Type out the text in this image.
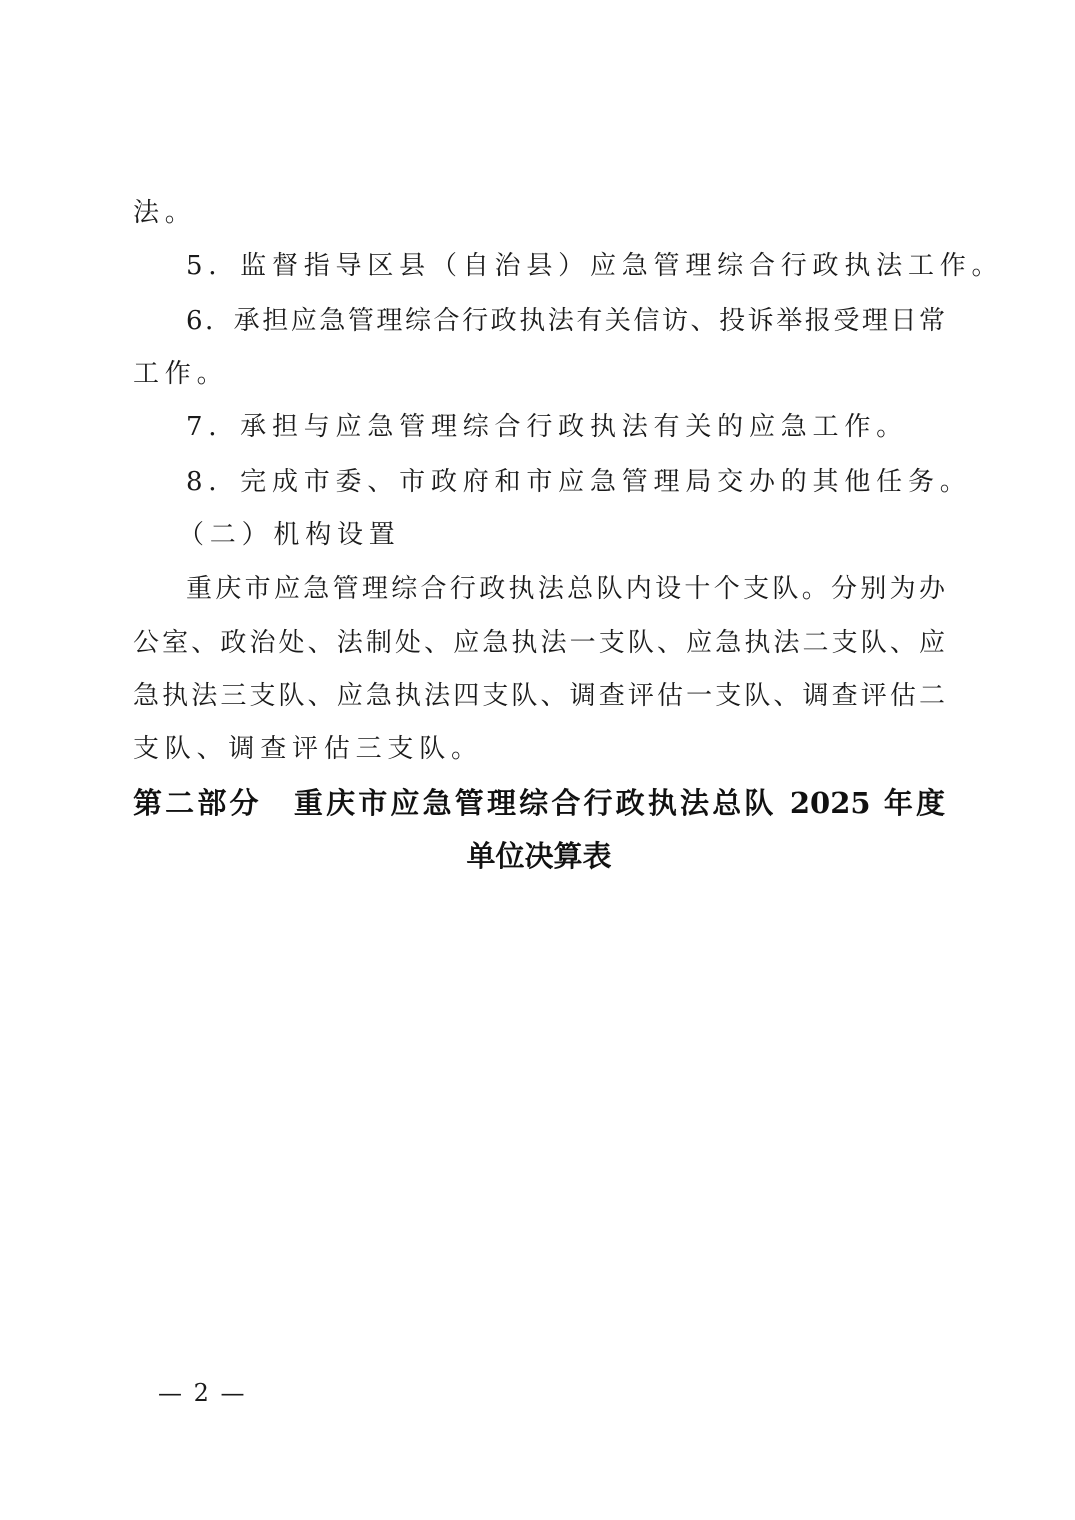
法。
5．监督指导区县（自治县）应急管理综合行政执法工作。
6．承担应急管理综合行政执法有关信访、投诉举报受理日常
工作。
7．承担与应急管理综合行政执法有关的应急工作。
8．完成市委、市政府和市应急管理局交办的其他任务。
（二）机构设置
重庆市应急管理综合行政执法总队内设十个支队。分别为办
公室、政治处、法制处、应急执法一支队、应急执法二支队、应
急执法三支队、应急执法四支队、调查评估一支队、调查评估二
支队、调查评估三支队。
第二部分　重庆市应急管理综合行政执法总队 2025 年度
单位决算表
— 2 —
